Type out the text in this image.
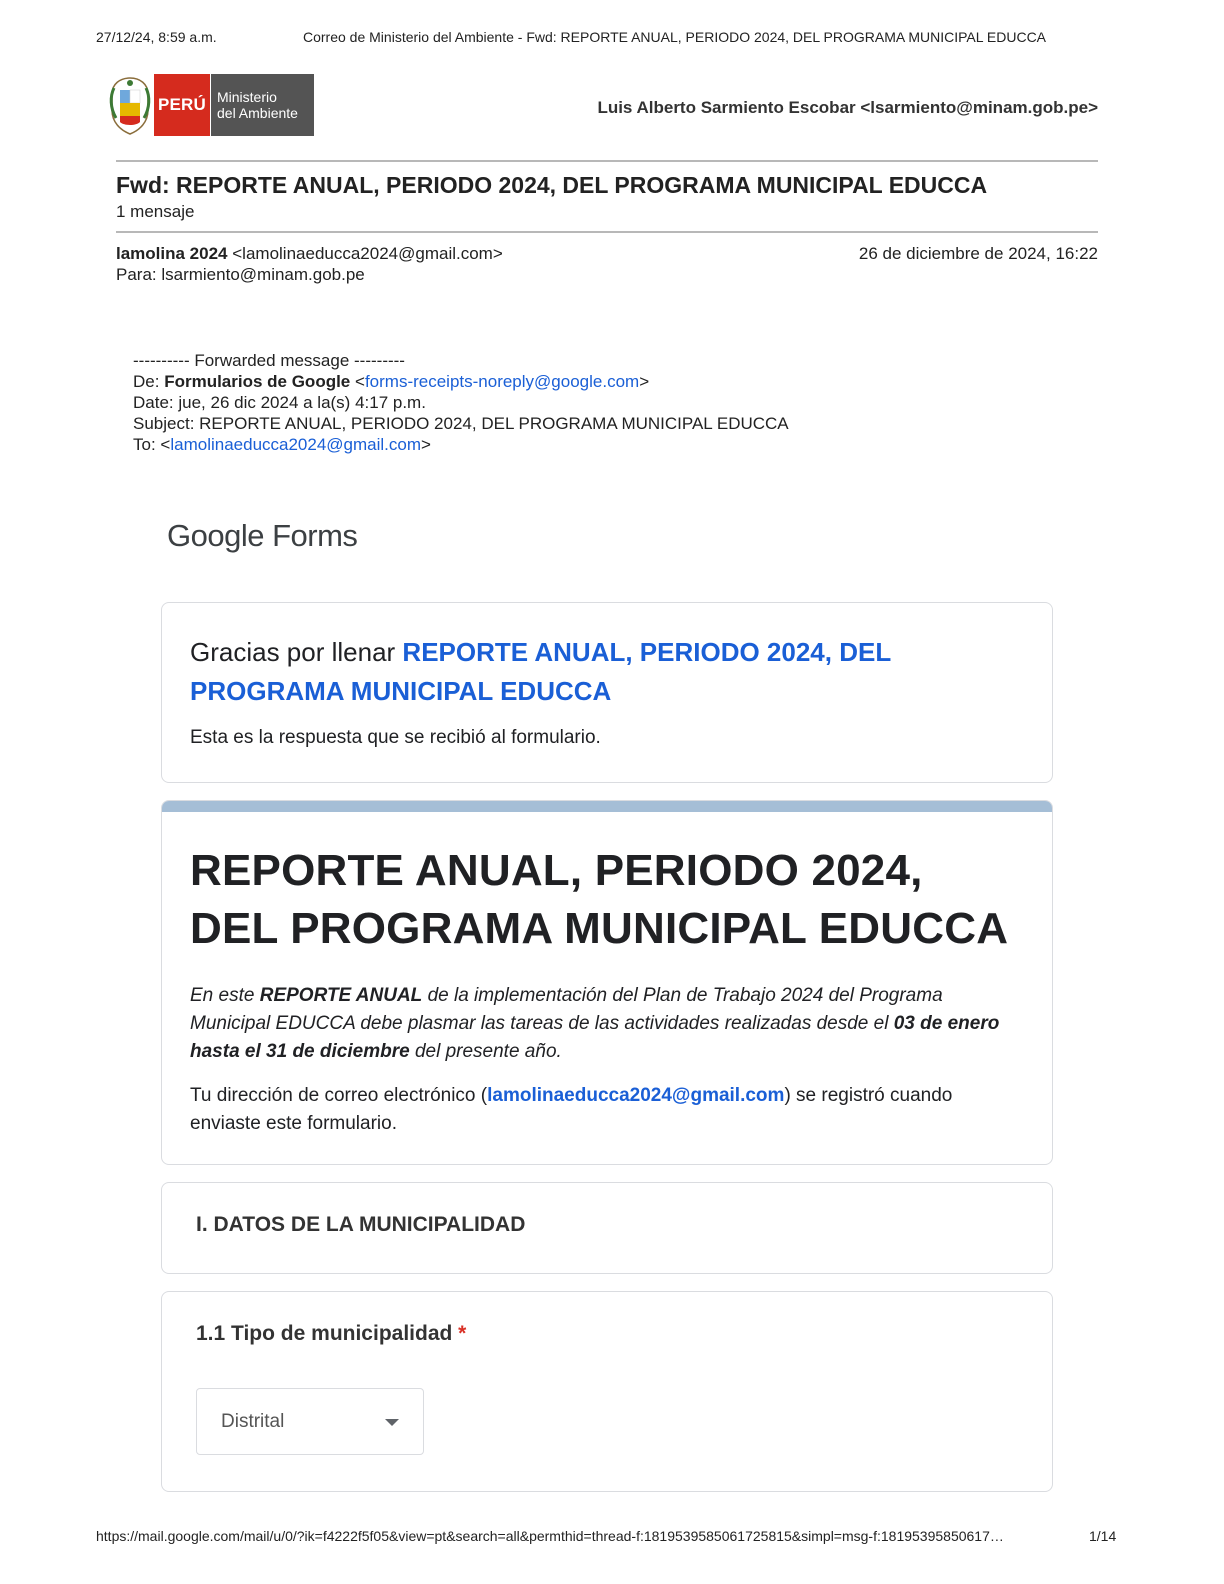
27/12/24, 8:59 a.m.	Correo de Ministerio del Ambiente - Fwd: REPORTE ANUAL, PERIODO 2024, DEL PROGRAMA MUNICIPAL EDUCCA
PERÚ Ministerio
del Ambiente	Luis Alberto Sarmiento Escobar <lsarmiento@minam.gob.pe>
Fwd: REPORTE ANUAL, PERIODO 2024, DEL PROGRAMA MUNICIPAL EDUCCA
1 mensaje
lamolina 2024 <lamolinaeducca2024@gmail.com>
Para: lsarmiento@minam.gob.pe
26 de diciembre de 2024, 16:22
---------- Forwarded message ---------
De: Formularios de Google <forms-receipts-noreply@google.com>
Date: jue, 26 dic 2024 a la(s) 4:17 p.m.
Subject: REPORTE ANUAL, PERIODO 2024, DEL PROGRAMA MUNICIPAL EDUCCA
To: <lamolinaeducca2024@gmail.com>
Google Forms
Gracias por llenar REPORTE ANUAL, PERIODO 2024, DEL PROGRAMA MUNICIPAL EDUCCA
Esta es la respuesta que se recibió al formulario.
REPORTE ANUAL, PERIODO 2024,
DEL PROGRAMA MUNICIPAL EDUCCA
En este REPORTE ANUAL de la implementación del Plan de Trabajo 2024 del Programa Municipal EDUCCA debe plasmar las tareas de las actividades realizadas desde el 03 de enero hasta el 31 de diciembre del presente año.
Tu dirección de correo electrónico (lamolinaeducca2024@gmail.com) se registró cuando enviaste este formulario.
I. DATOS DE LA MUNICIPALIDAD
1.1 Tipo de municipalidad *
Distrital
https://mail.google.com/mail/u/0/?ik=f4222f5f05&view=pt&search=all&permthid=thread-f:1819539585061725815&simpl=msg-f:18195395850617…	1/14
